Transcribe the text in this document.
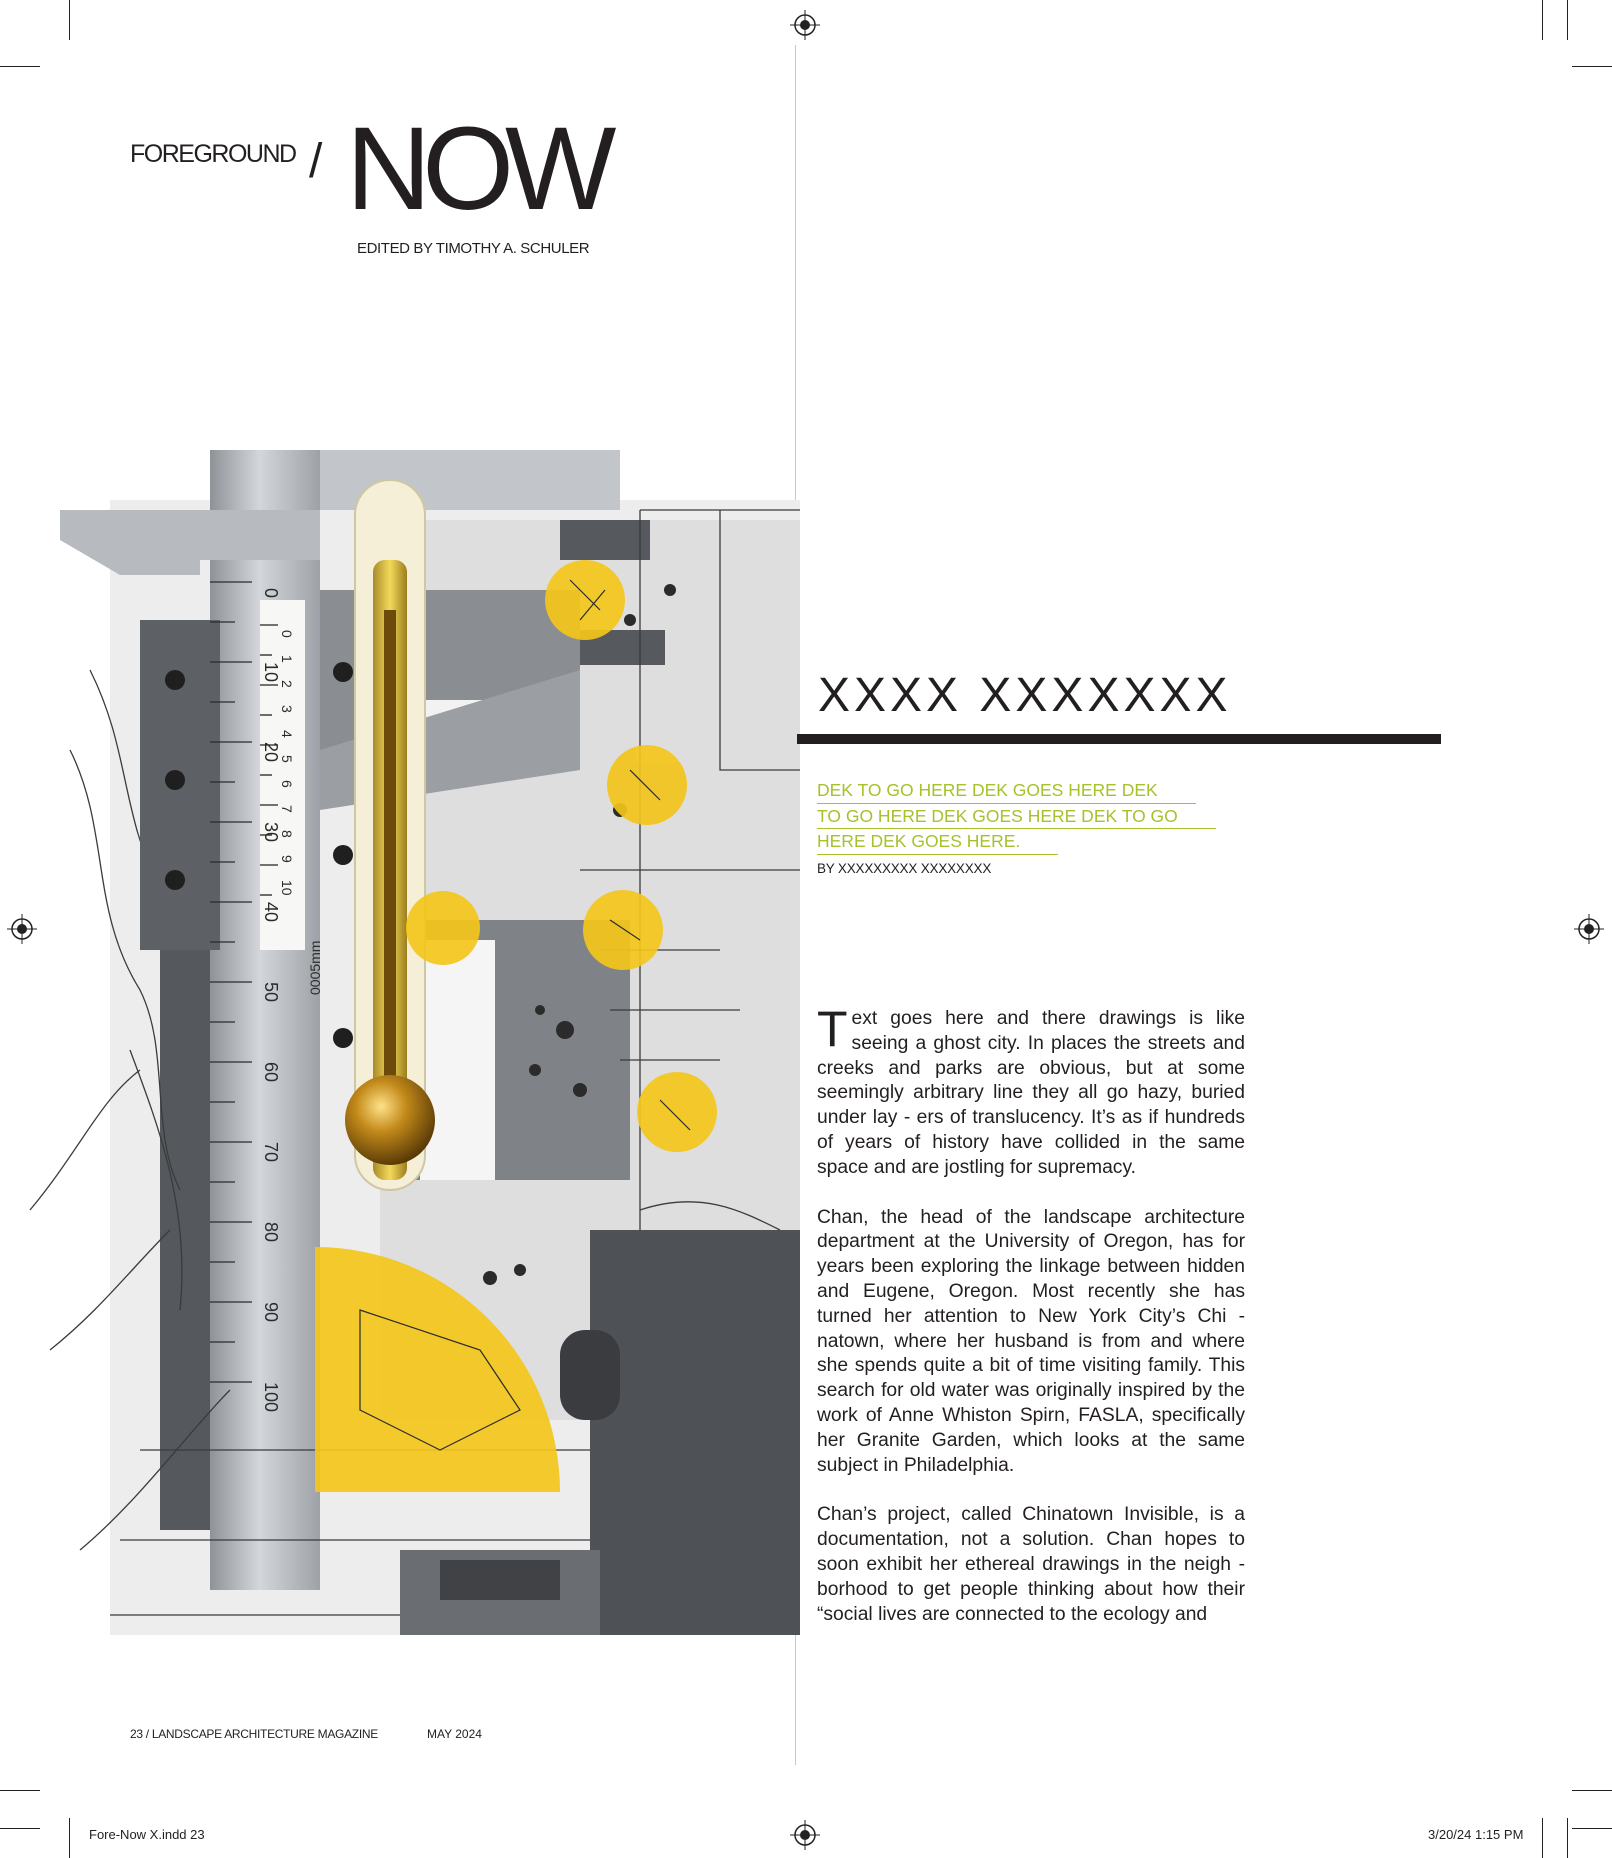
FOREGROUND / NOW
EDITED BY TIMOTHY A. SCHULER
0
10
20
30
40
50
60
70
80
90
100
0
1
2
3
4
5
6
7
8
9
10
0005mm
XXXX XXXXXXX
DEK TO GO HERE DEK GOES HERE DEK
TO GO HERE DEK GOES HERE DEK TO GO
HERE DEK GOES HERE.
BY XXXXXXXXX XXXXXXXX

Text goes here and there drawings is like seeing a ghost city. In places the streets and creeks and parks are obvious, but at some seemingly arbitrary line they all go hazy, buried under lay - ers of translucency. It’s as if hundreds of years of history have collided in the same space and are jostling for supremacy.

Chan, the head of the landscape architecture department at the University of Oregon, has for years been exploring the linkage between hidden and Eugene, Oregon. Most recently she has turned her attention to New York City’s Chi - natown, where her husband is from and where she spends quite a bit of time visiting family. This search for old water was originally inspired by the work of Anne Whiston Spirn, FASLA, specifically her Granite Garden, which looks at the same subject in Philadelphia.

Chan’s project, called Chinatown Invisible, is a documentation, not a solution. Chan hopes to soon exhibit her ethereal drawings in the neigh - borhood to get people thinking about how their “social lives are connected to the ecology and

23 / LANDSCAPE ARCHITECTURE MAGAZINE	MAY 2024
Fore-Now X.indd 23	3/20/24 1:15 PM
